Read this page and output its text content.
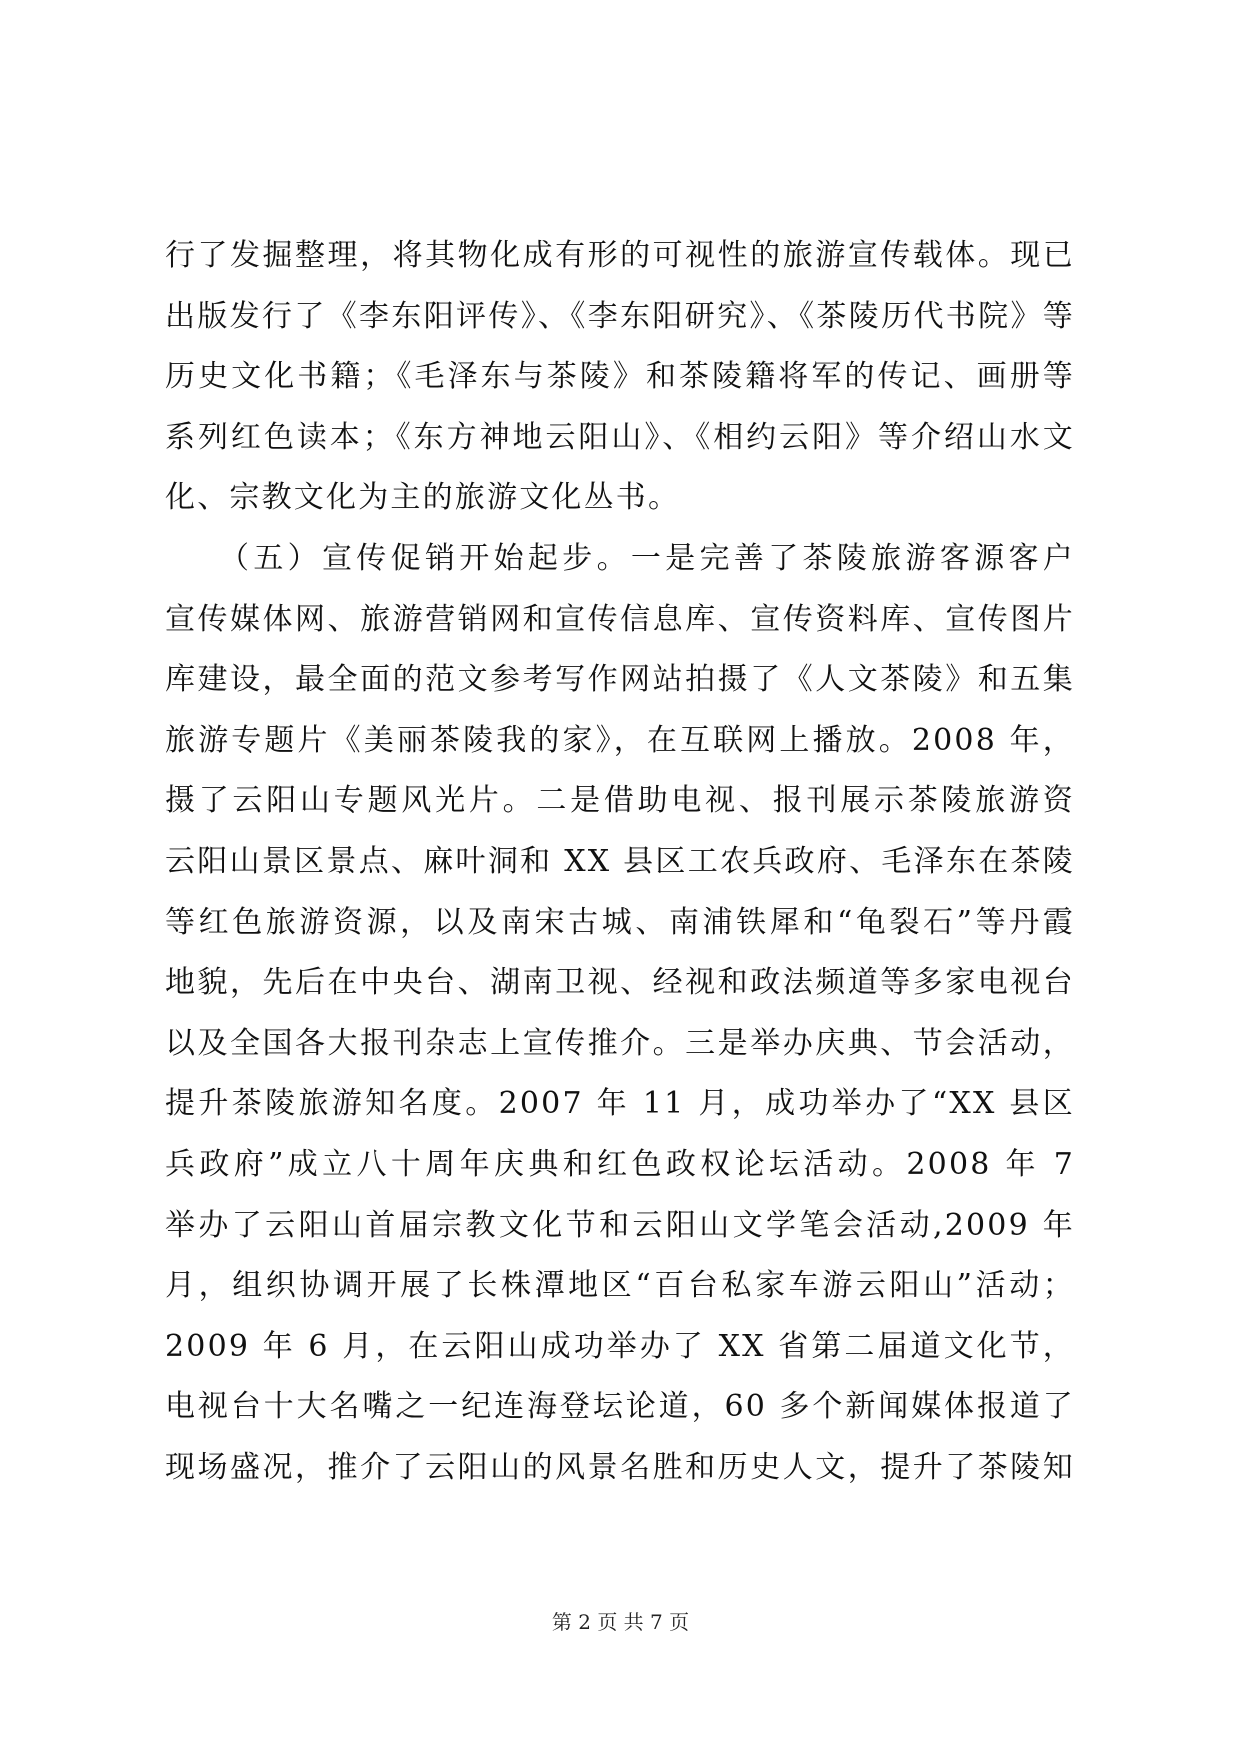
行了发掘整理，将其物化成有形的可视性的旅游宣传载体。现已
出版发行了《李东阳评传》、《李东阳研究》、《茶陵历代书院》等
历史文化书籍；《毛泽东与茶陵》和茶陵籍将军的传记、画册等
系列红色读本；《东方神地云阳山》、《相约云阳》等介绍山水文
化、宗教文化为主的旅游文化丛书。
（五）宣传促销开始起步。一是完善了茶陵旅游客源客户
宣传媒体网、旅游营销网和宣传信息库、宣传资料库、宣传图片
库建设，最全面的范文参考写作网站拍摄了《人文茶陵》和五集
旅游专题片《美丽茶陵我的家》，在互联网上播放。2008 年，
摄了云阳山专题风光片。二是借助电视、报刊展示茶陵旅游资
云阳山景区景点、麻叶洞和 XX 县区工农兵政府、毛泽东在茶陵
等红色旅游资源，以及南宋古城、南浦铁犀和“龟裂石”等丹霞
地貌，先后在中央台、湖南卫视、经视和政法频道等多家电视台
以及全国各大报刊杂志上宣传推介。三是举办庆典、节会活动，
提升茶陵旅游知名度。2007 年 11 月，成功举办了“XX 县区
兵政府”成立八十周年庆典和红色政权论坛活动。2008 年 7
举办了云阳山首届宗教文化节和云阳山文学笔会活动,2009 年
月，组织协调开展了长株潭地区“百台私家车游云阳山”活动；
2009 年 6 月，在云阳山成功举办了 XX 省第二届道文化节，
电视台十大名嘴之一纪连海登坛论道，60 多个新闻媒体报道了
现场盛况，推介了云阳山的风景名胜和历史人文，提升了茶陵知
第 2 页 共 7 页
